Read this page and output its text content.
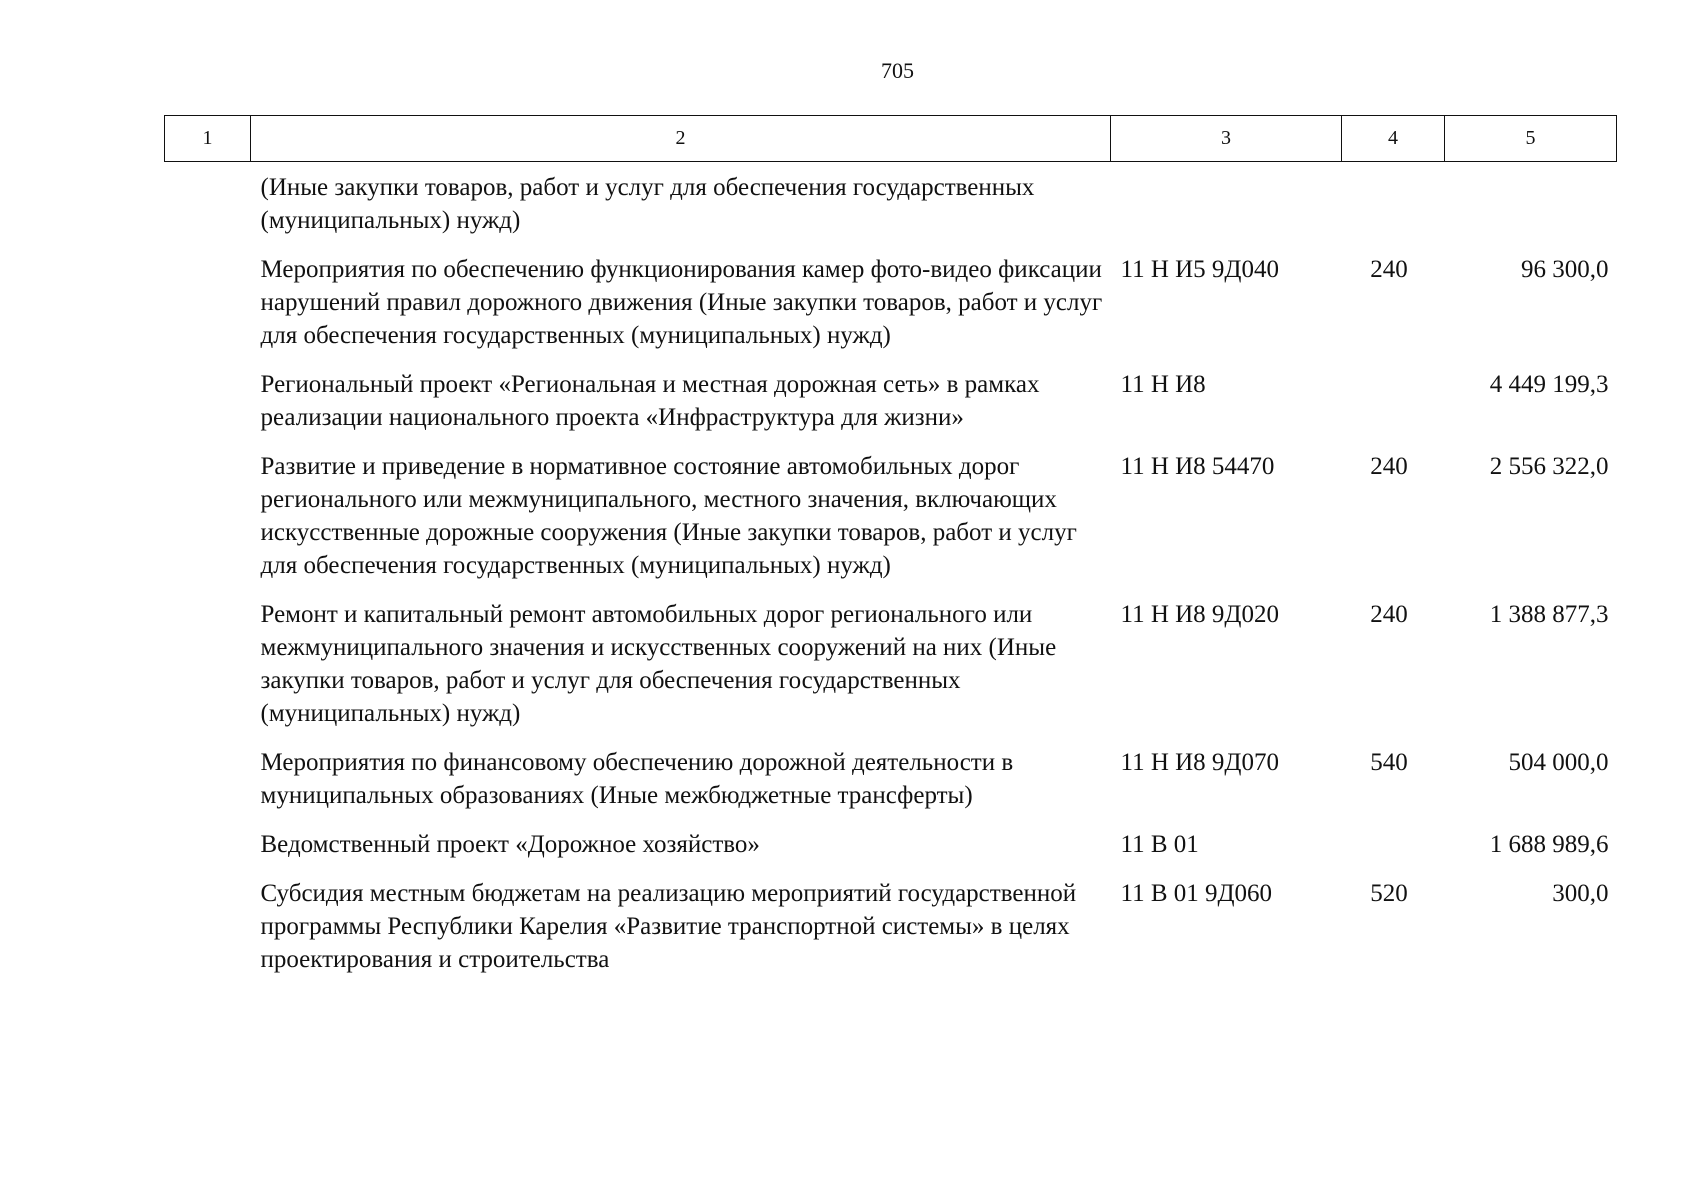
705
1	2	3	4	5
	(Иные закупки товаров, работ и услуг для обеспечения государственных (муниципальных) нужд)			
	Мероприятия по обеспечению функционирования камер фото-видео фиксации нарушений правил дорожного движения (Иные закупки товаров, работ и услуг для обеспечения государственных (муниципальных) нужд)	11 Н И5 9Д040	240	96 300,0
	Региональный проект «Региональная и местная дорожная сеть» в рамках реализации национального проекта «Инфраструктура для жизни»	11 Н И8		4 449 199,3
	Развитие и приведение в нормативное состояние автомобильных дорог регионального или межмуниципального, местного значения, включающих искусственные дорожные сооружения (Иные закупки товаров, работ и услуг для обеспечения государственных (муниципальных) нужд)	11 Н И8 54470	240	2 556 322,0
	Ремонт и капитальный ремонт автомобильных дорог регионального или межмуниципального значения и искусственных сооружений на них (Иные закупки товаров, работ и услуг для обеспечения государственных (муниципальных) нужд)	11 Н И8 9Д020	240	1 388 877,3
	Мероприятия по финансовому обеспечению дорожной деятельности в муниципальных образованиях (Иные межбюджетные трансферты)	11 Н И8 9Д070	540	504 000,0
	Ведомственный проект «Дорожное хозяйство»	11 В 01		1 688 989,6
	Субсидия местным бюджетам на реализацию мероприятий государственной программы Республики Карелия «Развитие транспортной системы» в целях проектирования и строительства	11 В 01 9Д060	520	300,0
